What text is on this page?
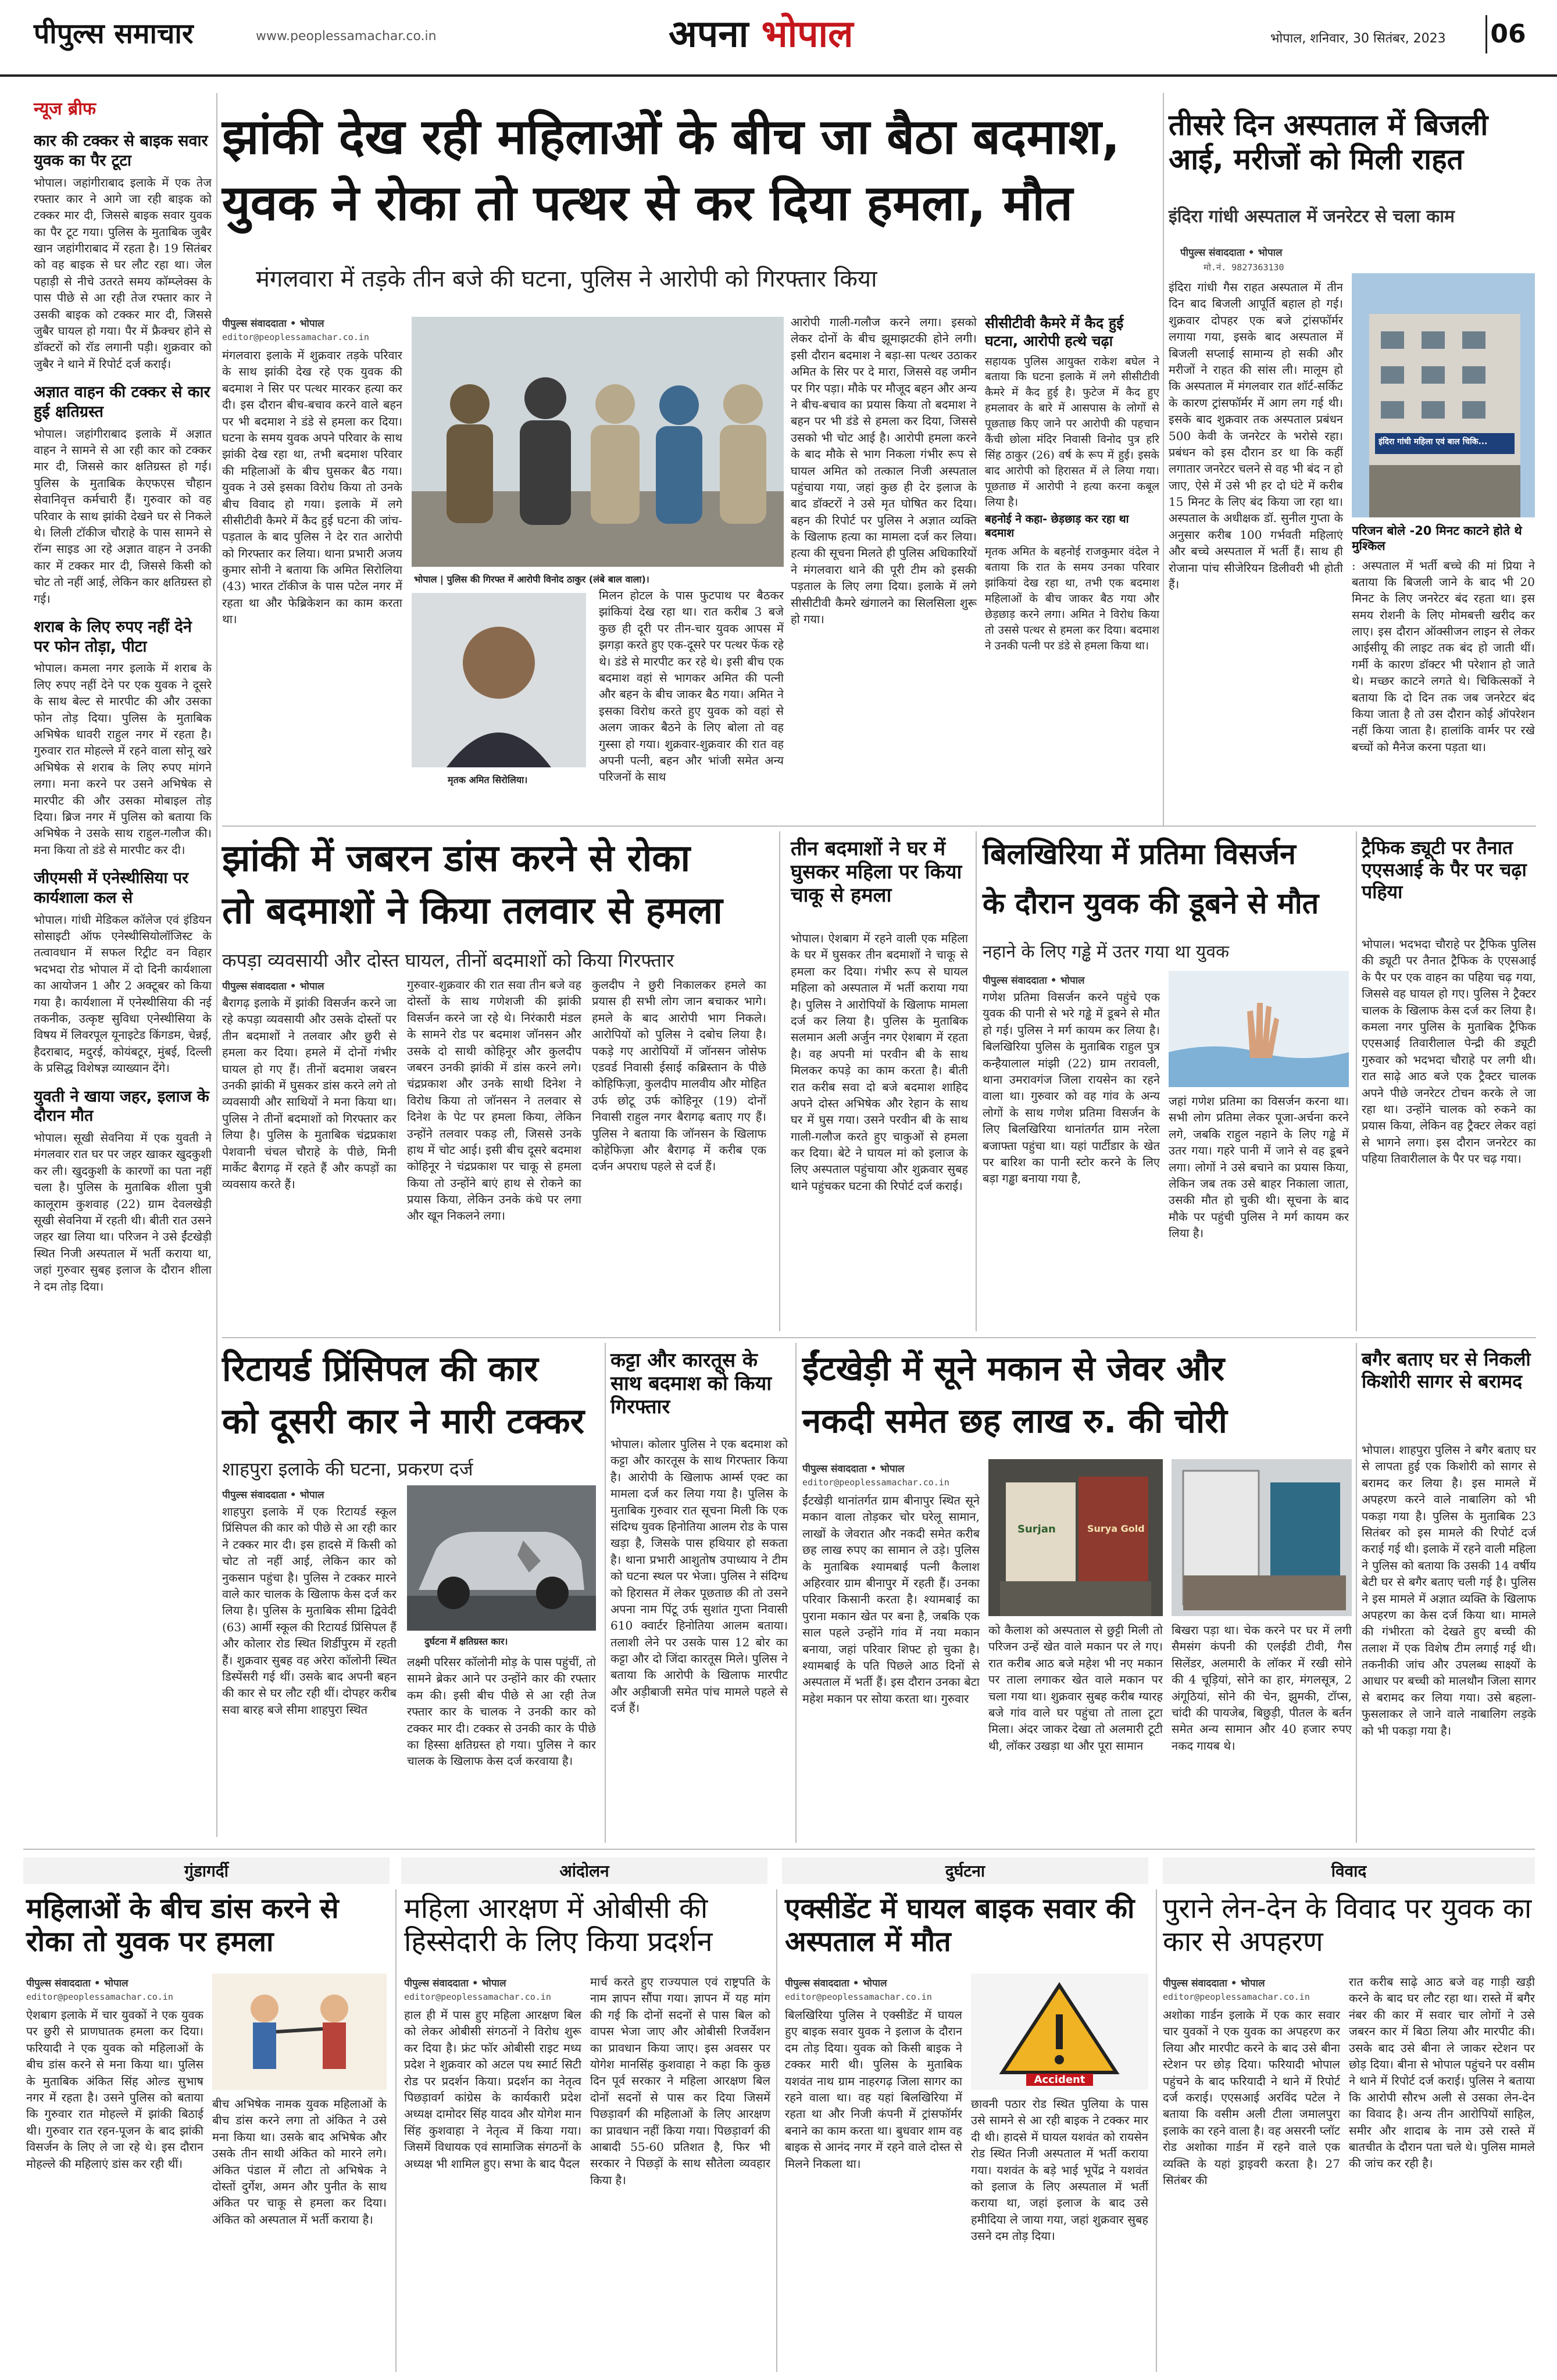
पीपुल्स समाचार	www.peoplessamachar.co.in	अपना भोपाल	भोपाल, शनिवार, 30 सितंबर, 2023 06
न्यूज ब्रीफ
कार की टक्कर से बाइक सवार युवक का पैर टूटा

भोपाल। जहांगीराबाद इलाके में एक तेज रफ्तार कार ने आगे जा रही बाइक को टक्कर मार दी, जिससे बाइक सवार युवक का पैर टूट गया। पुलिस के मुताबिक जुबैर खान जहांगीराबाद में रहता है। 19 सितंबर को वह बाइक से घर लौट रहा था। जेल पहाड़ी से नीचे उतरते समय कॉम्प्लेक्स के पास पीछे से आ रही तेज रफ्तार कार ने उसकी बाइक को टक्कर मार दी, जिससे जुबैर घायल हो गया। पैर में फ्रैक्चर होने से डॉक्टरों को रॉड लगानी पड़ी। शुक्रवार को जुबैर ने थाने में रिपोर्ट दर्ज कराई।

अज्ञात वाहन की टक्कर से कार हुई क्षतिग्रस्त

भोपाल। जहांगीराबाद इलाके में अज्ञात वाहन ने सामने से आ रही कार को टक्कर मार दी, जिससे कार क्षतिग्रस्त हो गई। पुलिस के मुताबिक केएफएस चौहान सेवानिवृत्त कर्मचारी हैं। गुरुवार को वह परिवार के साथ झांकी देखने घर से निकले थे। लिली टॉकीज चौराहे के पास सामने से रॉन्ग साइड आ रहे अज्ञात वाहन ने उनकी कार में टक्कर मार दी, जिससे किसी को चोट तो नहीं आई, लेकिन कार क्षतिग्रस्त हो गई।

शराब के लिए रुपए नहीं देने पर फोन तोड़ा, पीटा

भोपाल। कमला नगर इलाके में शराब के लिए रुपए नहीं देने पर एक युवक ने दूसरे के साथ बेल्ट से मारपीट की और उसका फोन तोड़ दिया। पुलिस के मुताबिक अभिषेक धावरी राहुल नगर में रहता है। गुरुवार रात मोहल्ले में रहने वाला सोनू खरे अभिषेक से शराब के लिए रुपए मांगने लगा। मना करने पर उसने अभिषेक से मारपीट की और उसका मोबाइल तोड़ दिया। ब्रिज नगर में पुलिस को बताया कि अभिषेक ने उसके साथ राहुल-गलौज की। मना किया तो डंडे से मारपीट कर दी।

जीएमसी में एनेस्थीसिया पर कार्यशाला कल से

भोपाल। गांधी मेडिकल कॉलेज एवं इंडियन सोसाइटी ऑफ एनेस्थीसियोलॉजिस्ट के तत्वावधान में सफल रिट्रीट वन विहार भदभदा रोड भोपाल में दो दिनी कार्यशाला का आयोजन 1 और 2 अक्टूबर को किया गया है। कार्यशाला में एनेस्थीसिया की नई तकनीक, उत्कृष्ट सुविधा एनेस्थीसिया के विषय में लिवरपूल यूनाइटेड किंगडम, चेन्नई, हैदराबाद, मदुरई, कोयंबटूर, मुंबई, दिल्ली के प्रसिद्ध विशेषज्ञ व्याख्यान देंगे।

युवती ने खाया जहर, इलाज के दौरान मौत

भोपाल। सूखी सेवनिया में एक युवती ने मंगलवार रात घर पर जहर खाकर खुदकुशी कर ली। खुदकुशी के कारणों का पता नहीं चला है। पुलिस के मुताबिक शीला पुत्री कालूराम कुशवाह (22) ग्राम देवलखेड़ी सूखी सेवनिया में रहती थी। बीती रात उसने जहर खा लिया था। परिजन ने उसे ईंटखेड़ी स्थित निजी अस्पताल में भर्ती कराया था, जहां गुरुवार सुबह इलाज के दौरान शीला ने दम तोड़ दिया।

झांकी देख रही महिलाओं के बीच जा बैठा बदमाश,
युवक ने रोका तो पत्थर से कर दिया हमला, मौत
मंगलवारा में तड़के तीन बजे की घटना, पुलिस ने आरोपी को गिरफ्तार किया
पीपुल्स संवाददाता • भोपाल
editor@peoplessamachar.co.in

मंगलवारा इलाके में शुक्रवार तड़के परिवार के साथ झांकी देख रहे एक युवक की बदमाश ने सिर पर पत्थर मारकर हत्या कर दी। इस दौरान बीच-बचाव करने वाले बहन पर भी बदमाश ने डंडे से हमला कर दिया। घटना के समय युवक अपने परिवार के साथ झांकी देख रहा था, तभी बदमाश परिवार की महिलाओं के बीच घुसकर बैठ गया। युवक ने उसे इसका विरोध किया तो उनके बीच विवाद हो गया। इलाके में लगे सीसीटीवी कैमरे में कैद हुई घटना की जांच-पड़ताल के बाद पुलिस ने देर रात आरोपी को गिरफ्तार कर लिया। थाना प्रभारी अजय कुमार सोनी ने बताया कि अमित सिरोलिया (43) भारत टॉकीज के पास पटेल नगर में रहता था और फेब्रिकेशन का काम करता था।

भोपाल | पुलिस की गिरफ्त में आरोपी विनोद ठाकुर (लंबे बाल वाला)।
मृतक अमित सिरोलिया।

मिलन होटल के पास फुटपाथ पर बैठकर झांकियां देख रहा था। रात करीब 3 बजे कुछ ही दूरी पर तीन-चार युवक आपस में झगड़ा करते हुए एक-दूसरे पर पत्थर फेंक रहे थे। डंडे से मारपीट कर रहे थे। इसी बीच एक बदमाश वहां से भागकर अमित की पत्नी और बहन के बीच जाकर बैठ गया। अमित ने इसका विरोध करते हुए युवक को वहां से अलग जाकर बैठने के लिए बोला तो वह गुस्सा हो गया। शुक्रवार-शुक्रवार की रात वह अपनी पत्नी, बहन और भांजी समेत अन्य परिजनों के साथ

आरोपी गाली-गलौज करने लगा। इसको लेकर दोनों के बीच झूमाझटकी होने लगी। इसी दौरान बदमाश ने बड़ा-सा पत्थर उठाकर अमित के सिर पर दे मारा, जिससे वह जमीन पर गिर पड़ा। मौके पर मौजूद बहन और अन्य ने बीच-बचाव का प्रयास किया तो बदमाश ने बहन पर भी डंडे से हमला कर दिया, जिससे उसको भी चोट आई है। आरोपी हमला करने के बाद मौके से भाग निकला गंभीर रूप से घायल अमित को तत्काल निजी अस्पताल पहुंचाया गया, जहां कुछ ही देर इलाज के बाद डॉक्टरों ने उसे मृत घोषित कर दिया। बहन की रिपोर्ट पर पुलिस ने अज्ञात व्यक्ति के खिलाफ हत्या का मामला दर्ज कर लिया। हत्या की सूचना मिलते ही पुलिस अधिकारियों ने मंगलवारा थाने की पूरी टीम को इसकी पड़ताल के लिए लगा दिया। इलाके में लगे सीसीटीवी कैमरे खंगालने का सिलसिला शुरू हो गया।

सीसीटीवी कैमरे में कैद हुई घटना, आरोपी हत्थे चढ़ा

सहायक पुलिस आयुक्त राकेश बघेल ने बताया कि घटना इलाके में लगे सीसीटीवी कैमरे में कैद हुई है। फुटेज में कैद हुए हमलावर के बारे में आसपास के लोगों से पूछताछ किए जाने पर आरोपी की पहचान कैंची छोला मंदिर निवासी विनोद पुत्र हरि सिंह ठाकुर (26) वर्ष के रूप में हुई। इसके बाद आरोपी को हिरासत में ले लिया गया। पूछताछ में आरोपी ने हत्या करना कबूल लिया है।

बहनोई ने कहा- छेड़छाड़ कर रहा था बदमाश

मृतक अमित के बहनोई राजकुमार वंदेल ने बताया कि रात के समय उनका परिवार झांकियां देख रहा था, तभी एक बदमाश महिलाओं के बीच जाकर बैठ गया और छेड़छाड़ करने लगा। अमित ने विरोध किया तो उससे पत्थर से हमला कर दिया। बदमाश ने उनकी पत्नी पर डंडे से हमला किया था।

तीसरे दिन अस्पताल में बिजली आई, मरीजों को मिली राहत
इंदिरा गांधी अस्पताल में जनरेटर से चला काम
पीपुल्स संवाददाता • भोपाल
मो.नं. 9827363130

इंदिरा गांधी गैस राहत अस्पताल में तीन दिन बाद बिजली आपूर्ति बहाल हो गई। शुक्रवार दोपहर एक बजे ट्रांसफॉर्मर लगाया गया, इसके बाद अस्पताल में बिजली सप्लाई सामान्य हो सकी और मरीजों ने राहत की सांस ली। मालूम हो कि अस्पताल में मंगलवार रात शॉर्ट-सर्किट के कारण ट्रांसफॉर्मर में आग लग गई थी। इसके बाद शुक्रवार तक अस्पताल प्रबंधन 500 केवी के जनरेटर के भरोसे रहा। प्रबंधन को इस दौरान डर था कि कहीं लगातार जनरेटर चलने से वह भी बंद न हो जाए, ऐसे में उसे भी हर दो घंटे में करीब 15 मिनट के लिए बंद किया जा रहा था। अस्पताल के अधीक्षक डॉ. सुनील गुप्ता के अनुसार करीब 100 गर्भवती महिलाएं और बच्चे अस्पताल में भर्ती हैं। साथ ही रोजाना पांच सीजेरियन डिलीवरी भी होती हैं।

इंदिरा गांधी महिला एवं बाल चिकि...
परिजन बोले -20 मिनट काटने होते थे मुश्किल

: अस्पताल में भर्ती बच्चे की मां प्रिया ने बताया कि बिजली जाने के बाद भी 20 मिनट के लिए जनरेटर बंद रहता था। इस समय रोशनी के लिए मोमबत्ती खरीद कर लाए। इस दौरान ऑक्सीजन लाइन से लेकर आईसीयू की लाइट तक बंद हो जाती थीं। गर्मी के कारण डॉक्टर भी परेशान हो जाते थे। मच्छर काटने लगते थे। चिकित्सकों ने बताया कि दो दिन तक जब जनरेटर बंद किया जाता है तो उस दौरान कोई ऑपरेशन नहीं किया जाता है। हालांकि वार्मर पर रखे बच्चों को मैनेज करना पड़ता था।

झांकी में जबरन डांस करने से रोका
तो बदमाशों ने किया तलवार से हमला
कपड़ा व्यवसायी और दोस्त घायल, तीनों बदमाशों को किया गिरफ्तार
पीपुल्स संवाददाता • भोपाल

बैरागढ़ इलाके में झांकी विसर्जन करने जा रहे कपड़ा व्यवसायी और उसके दोस्तों पर तीन बदमाशों ने तलवार और छुरी से हमला कर दिया। हमले में दोनों गंभीर घायल हो गए हैं। तीनों बदमाश जबरन उनकी झांकी में घुसकर डांस करने लगे तो व्यवसायी और साथियों ने मना किया था। पुलिस ने तीनों बदमाशों को गिरफ्तार कर लिया है। पुलिस के मुताबिक चंद्रप्रकाश पेशवानी चंचल चौराहे के पीछे, मिनी मार्केट बैरागढ़ में रहते हैं और कपड़ों का व्यवसाय करते हैं।

गुरुवार-शुक्रवार की रात सवा तीन बजे वह दोस्तों के साथ गणेशजी की झांकी विसर्जन करने जा रहे थे। निरंकारी मंडल के सामने रोड पर बदमाश जॉनसन और उसके दो साथी कोहिनूर और कुलदीप जबरन उनकी झांकी में डांस करने लगे। चंद्रप्रकाश और उनके साथी दिनेश ने विरोध किया तो जॉनसन ने तलवार से दिनेश के पेट पर हमला किया, लेकिन उन्होंने तलवार पकड़ ली, जिससे उनके हाथ में चोट आई। इसी बीच दूसरे बदमाश कोहिनूर ने चंद्रप्रकाश पर चाकू से हमला किया तो उन्होंने बाएं हाथ से रोकने का प्रयास किया, लेकिन उनके कंधे पर लगा और खून निकलने लगा।

कुलदीप ने छुरी निकालकर हमले का प्रयास ही सभी लोग जान बचाकर भागे। हमले के बाद आरोपी भाग निकले। आरोपियों को पुलिस ने दबोच लिया है। पकड़े गए आरोपियों में जॉनसन जोसेफ एडवर्ड निवासी ईसाई कब्रिस्तान के पीछे कोहिफिज़ा, कुलदीप मालवीय और मोहित उर्फ छोटू उर्फ कोहिनूर (19) दोनों निवासी राहुल नगर बैरागढ़ बताए गए हैं। पुलिस ने बताया कि जॉनसन के खिलाफ कोहेफिज़ा और बैरागढ़ में करीब एक दर्जन अपराध पहले से दर्ज हैं।

तीन बदमाशों ने घर में घुसकर महिला पर किया चाकू से हमला

भोपाल। ऐशबाग में रहने वाली एक महिला के घर में घुसकर तीन बदमाशों ने चाकू से हमला कर दिया। गंभीर रूप से घायल महिला को अस्पताल में भर्ती कराया गया है। पुलिस ने आरोपियों के खिलाफ मामला दर्ज कर लिया है। पुलिस के मुताबिक सलमान अली अर्जुन नगर ऐशबाग में रहता है। वह अपनी मां परवीन बी के साथ मिलकर कपड़े का काम करता है। बीती रात करीब सवा दो बजे बदमाश शाहिद अपने दोस्त अभिषेक और रेहान के साथ घर में घुस गया। उसने परवीन बी के साथ गाली-गलौज करते हुए चाकुओं से हमला कर दिया। बेटे ने घायल मां को इलाज के लिए अस्पताल पहुंचाया और शुक्रवार सुबह थाने पहुंचकर घटना की रिपोर्ट दर्ज कराई।

बिलखिरिया में प्रतिमा विसर्जन
के दौरान युवक की डूबने से मौत
नहाने के लिए गड्ढे में उतर गया था युवक
पीपुल्स संवाददाता • भोपाल

गणेश प्रतिमा विसर्जन करने पहुंचे एक युवक की पानी से भरे गड्ढे में डूबने से मौत हो गई। पुलिस ने मर्ग कायम कर लिया है। बिलखिरिया पुलिस के मुताबिक राहुल पुत्र कन्हैयालाल मांझी (22) ग्राम तरावली, थाना उमरावगंज जिला रायसेन का रहने वाला था। गुरुवार को वह गांव के अन्य लोगों के साथ गणेश प्रतिमा विसर्जन के लिए बिलखिरिया थानांतर्गत ग्राम नरेला बजाफ्ता पहुंचा था। यहां पार्टीडार के खेत पर बारिश का पानी स्टोर करने के लिए बड़ा गड्ढा बनाया गया है,

जहां गणेश प्रतिमा का विसर्जन करना था। सभी लोग प्रतिमा लेकर पूजा-अर्चना करने लगे, जबकि राहुल नहाने के लिए गड्ढे में उतर गया। गहरे पानी में जाने से वह डूबने लगा। लोगों ने उसे बचाने का प्रयास किया, लेकिन जब तक उसे बाहर निकाला जाता, उसकी मौत हो चुकी थी। सूचना के बाद मौके पर पहुंची पुलिस ने मर्ग कायम कर लिया है।

ट्रैफिक ड्यूटी पर तैनात एएसआई के पैर पर चढ़ा पहिया

भोपाल। भदभदा चौराहे पर ट्रैफिक पुलिस की ड्यूटी पर तैनात ट्रैफिक के एएसआई के पैर पर एक वाहन का पहिया चढ़ गया, जिससे वह घायल हो गए। पुलिस ने ट्रैक्टर चालक के खिलाफ केस दर्ज कर लिया है। कमला नगर पुलिस के मुताबिक ट्रैफिक एएसआई तिवारीलाल पेन्द्री की ड्यूटी गुरुवार को भदभदा चौराहे पर लगी थी। रात साढ़े आठ बजे एक ट्रैक्टर चालक अपने पीछे जनरेटर टोचन करके ले जा रहा था। उन्होंने चालक को रुकने का प्रयास किया, लेकिन वह ट्रैक्टर लेकर वहां से भागने लगा। इस दौरान जनरेटर का पहिया तिवारीलाल के पैर पर चढ़ गया।

रिटायर्ड प्रिंसिपल की कार
को दूसरी कार ने मारी टक्कर
शाहपुरा इलाके की घटना, प्रकरण दर्ज
पीपुल्स संवाददाता • भोपाल

शाहपुरा इलाके में एक रिटायर्ड स्कूल प्रिंसिपल की कार को पीछे से आ रही कार ने टक्कर मार दी। इस हादसे में किसी को चोट तो नहीं आई, लेकिन कार को नुकसान पहुंचा है। पुलिस ने टक्कर मारने वाले कार चालक के खिलाफ केस दर्ज कर लिया है। पुलिस के मुताबिक सीमा द्विवेदी (63) आर्मी स्कूल की रिटायर्ड प्रिंसिपल हैं और कोलार रोड स्थित शिर्डीपुरम में रहती हैं। शुक्रवार सुबह वह अरेरा कॉलोनी स्थित डिस्पेंसरी गई थीं। उसके बाद अपनी बहन की कार से घर लौट रही थीं। दोपहर करीब सवा बारह बजे सीमा शाहपुरा स्थित

दुर्घटना में क्षतिग्रस्त कार।

लक्ष्मी परिसर कॉलोनी मोड़ के पास पहुंचीं, तो सामने ब्रेकर आने पर उन्होंने कार की रफ्तार कम की। इसी बीच पीछे से आ रही तेज रफ्तार कार के चालक ने उनकी कार को टक्कर मार दी। टक्कर से उनकी कार के पीछे का हिस्सा क्षतिग्रस्त हो गया। पुलिस ने कार चालक के खिलाफ केस दर्ज करवाया है।

कट्टा और कारतूस के साथ बदमाश को किया गिरफ्तार

भोपाल। कोलार पुलिस ने एक बदमाश को कट्टा और कारतूस के साथ गिरफ्तार किया है। आरोपी के खिलाफ आर्म्स एक्ट का मामला दर्ज कर लिया गया है। पुलिस के मुताबिक गुरुवार रात सूचना मिली कि एक संदिग्ध युवक हिनोतिया आलम रोड के पास खड़ा है, जिसके पास हथियार हो सकता है। थाना प्रभारी आशुतोष उपाध्याय ने टीम को घटना स्थल पर भेजा। पुलिस ने संदिग्ध को हिरासत में लेकर पूछताछ की तो उसने अपना नाम पिंटू उर्फ सुशांत गुप्ता निवासी 610 क्वार्टर हिनोतिया आलम बताया। तलाशी लेने पर उसके पास 12 बोर का कट्टा और दो जिंदा कारतूस मिले। पुलिस ने बताया कि आरोपी के खिलाफ मारपीट और अड़ीबाजी समेत पांच मामले पहले से दर्ज हैं।

ईंटखेड़ी में सूने मकान से जेवर और
नकदी समेत छह लाख रु. की चोरी
पीपुल्स संवाददाता • भोपाल
editor@peoplessamachar.co.in

ईंटखेड़ी थानांतर्गत ग्राम बीनापुर स्थित सूने मकान वाला तोड़कर चोर घरेलू सामान, लाखों के जेवरात और नकदी समेत करीब छह लाख रुपए का सामान ले उड़े। पुलिस के मुताबिक श्यामबाई पत्नी कैलाश अहिरवार ग्राम बीनापुर में रहती हैं। उनका परिवार किसानी करता है। श्यामबाई का पुराना मकान खेत पर बना है, जबकि एक साल पहले उन्होंने गांव में नया मकान बनाया, जहां परिवार शिफ्ट हो चुका है। श्यामबाई के पति पिछले आठ दिनों से अस्पताल में भर्ती हैं। इस दौरान उनका बेटा महेश मकान पर सोया करता था। गुरुवार

Surjan	Surya Gold

को कैलाश को अस्पताल से छुट्टी मिली तो परिजन उन्हें खेत वाले मकान पर ले गए। रात करीब आठ बजे महेश भी नए मकान पर ताला लगाकर खेत वाले मकान पर चला गया था। शुक्रवार सुबह करीब ग्यारह बजे गांव वाले घर पहुंचा तो ताला टूटा मिला। अंदर जाकर देखा तो अलमारी टूटी थी, लॉकर उखड़ा था और पूरा सामान

बिखरा पड़ा था। चेक करने पर घर में लगी सैमसंग कंपनी की एलईडी टीवी, गैस सिलेंडर, अलमारी के लॉकर में रखी सोने की 4 चूड़ियां, सोने का हार, मंगलसूत्र, 2 अंगूठियां, सोने की चेन, झुमकी, टॉप्स, चांदी की पायजेब, बिछुड़ी, पीतल के बर्तन समेत अन्य सामान और 40 हजार रुपए नकद गायब थे।

बगैर बताए घर से निकली किशोरी सागर से बरामद

भोपाल। शाहपुरा पुलिस ने बगैर बताए घर से लापता हुई एक किशोरी को सागर से बरामद कर लिया है। इस मामले में अपहरण करने वाले नाबालिग को भी पकड़ा गया है। पुलिस के मुताबिक 23 सितंबर को इस मामले की रिपोर्ट दर्ज कराई गई थी। इलाके में रहने वाली महिला ने पुलिस को बताया कि उसकी 14 वर्षीय बेटी घर से बगैर बताए चली गई है। पुलिस ने इस मामले में अज्ञात व्यक्ति के खिलाफ अपहरण का केस दर्ज किया था। मामले की गंभीरता को देखते हुए बच्ची की तलाश में एक विशेष टीम लगाई गई थी। तकनीकी जांच और उपलब्ध साक्ष्यों के आधार पर बच्ची को मालथौन जिला सागर से बरामद कर लिया गया। उसे बहला-फुसलाकर ले जाने वाले नाबालिग लड़के को भी पकड़ा गया है।

गुंडागर्दी	आंदोलन	दुर्घटना	विवाद
महिलाओं के बीच डांस करने से रोका तो युवक पर हमला
पीपुल्स संवाददाता • भोपाल
editor@peoplessamachar.co.in

ऐशबाग इलाके में चार युवकों ने एक युवक पर छुरी से प्राणघातक हमला कर दिया। फरियादी ने एक युवक को महिलाओं के बीच डांस करने से मना किया था। पुलिस के मुताबिक अंकित सिंह ओल्ड सुभाष नगर में रहता है। उसने पुलिस को बताया कि गुरुवार रात मोहल्ले में झांकी बिठाई थी। गुरुवार रात रहन-पूजन के बाद झांकी विसर्जन के लिए ले जा रहे थे। इस दौरान मोहल्ले की महिलाएं डांस कर रही थीं।

बीच अभिषेक नामक युवक महिलाओं के बीच डांस करने लगा तो अंकित ने उसे मना किया था। उसके बाद अभिषेक और उसके तीन साथी अंकित को मारने लगे। अंकित पंडाल में लौटा तो अभिषेक ने दोस्तों दुर्गेश, अमन और पुनीत के साथ अंकित पर चाकू से हमला कर दिया। अंकित को अस्पताल में भर्ती कराया है।

महिला आरक्षण में ओबीसी की हिस्सेदारी के लिए किया प्रदर्शन
पीपुल्स संवाददाता • भोपाल
editor@peoplessamachar.co.in

हाल ही में पास हुए महिला आरक्षण बिल को लेकर ओबीसी संगठनों ने विरोध शुरू कर दिया है। फ्रंट फॉर ओबीसी राइट मध्य प्रदेश ने शुक्रवार को अटल पथ स्मार्ट सिटी रोड पर प्रदर्शन किया। प्रदर्शन का नेतृत्व पिछड़ावर्ग कांग्रेस के कार्यकारी प्रदेश अध्यक्ष दामोदर सिंह यादव और योगेश मान सिंह कुशवाहा ने नेतृत्व में किया गया। जिसमें विधायक एवं सामाजिक संगठनों के अध्यक्ष भी शामिल हुए। सभा के बाद पैदल

मार्च करते हुए राज्यपाल एवं राष्ट्रपति के नाम ज्ञापन सौंपा गया। ज्ञापन में यह मांग की गई कि दोनों सदनों से पास बिल को वापस भेजा जाए और ओबीसी रिजर्वेशन का प्रावधान किया जाए। इस अवसर पर योगेश मानसिंह कुशवाहा ने कहा कि कुछ दिन पूर्व सरकार ने महिला आरक्षण बिल दोनों सदनों से पास कर दिया जिसमें पिछड़ावर्ग की महिलाओं के लिए आरक्षण का प्रावधान नहीं किया गया। पिछड़ावर्ग की आबादी 55-60 प्रतिशत है, फिर भी सरकार ने पिछड़ों के साथ सौतेला व्यवहार किया है।

एक्सीडेंट में घायल बाइक सवार की अस्पताल में मौत
पीपुल्स संवाददाता • भोपाल
editor@peoplessamachar.co.in

बिलखिरिया पुलिस ने एक्सीडेंट में घायल हुए बाइक सवार युवक ने इलाज के दौरान दम तोड़ दिया। युवक को किसी बाइक ने टक्कर मारी थी। पुलिस के मुताबिक यशवंत नाथ ग्राम नाहरगढ़ जिला सागर का रहने वाला था। वह यहां बिलखिरिया में रहता था और निजी कंपनी में ट्रांसफॉर्मर बनाने का काम करता था। बुधवार शाम वह बाइक से आनंद नगर में रहने वाले दोस्त से मिलने निकला था।

Accident

छावनी पठार रोड स्थित पुलिया के पास उसे सामने से आ रही बाइक ने टक्कर मार दी थी। हादसे में घायल यशवंत को रायसेन रोड स्थित निजी अस्पताल में भर्ती कराया गया। यशवंत के बड़े भाई भूपेंद्र ने यशवंत को इलाज के लिए अस्पताल में भर्ती कराया था, जहां इलाज के बाद उसे हमीदिया ले जाया गया, जहां शुक्रवार सुबह उसने दम तोड़ दिया।

पुराने लेन-देन के विवाद पर युवक का कार से अपहरण
पीपुल्स संवाददाता • भोपाल
editor@peoplessamachar.co.in

अशोका गार्डन इलाके में एक कार सवार चार युवकों ने एक युवक का अपहरण कर लिया और मारपीट करने के बाद उसे बीना स्टेशन पर छोड़ दिया। फरियादी भोपाल पहुंचने के बाद फरियादी ने थाने में रिपोर्ट दर्ज कराई। एएसआई अरविंद पटेल ने बताया कि वसीम अली टीला जमालपुरा इलाके का रहने वाला है। वह असरनी प्लॉट रोड अशोका गार्डन में रहने वाले एक व्यक्ति के यहां ड्राइवरी करता है। 27 सितंबर की

रात करीब साढ़े आठ बजे वह गाड़ी खड़ी करने के बाद घर लौट रहा था। रास्ते में बगैर नंबर की कार में सवार चार लोगों ने उसे जबरन कार में बिठा लिया और मारपीट की। उसके बाद उसे बीना ले जाकर स्टेशन पर छोड़ दिया। बीना से भोपाल पहुंचने पर वसीम ने थाने में रिपोर्ट दर्ज कराई। पुलिस ने बताया कि आरोपी सौरभ अली से उसका लेन-देन का विवाद है। अन्य तीन आरोपियों साहिल, समीर और शादाब के नाम उसे रास्ते में बातचीत के दौरान पता चले थे। पुलिस मामले की जांच कर रही है।
